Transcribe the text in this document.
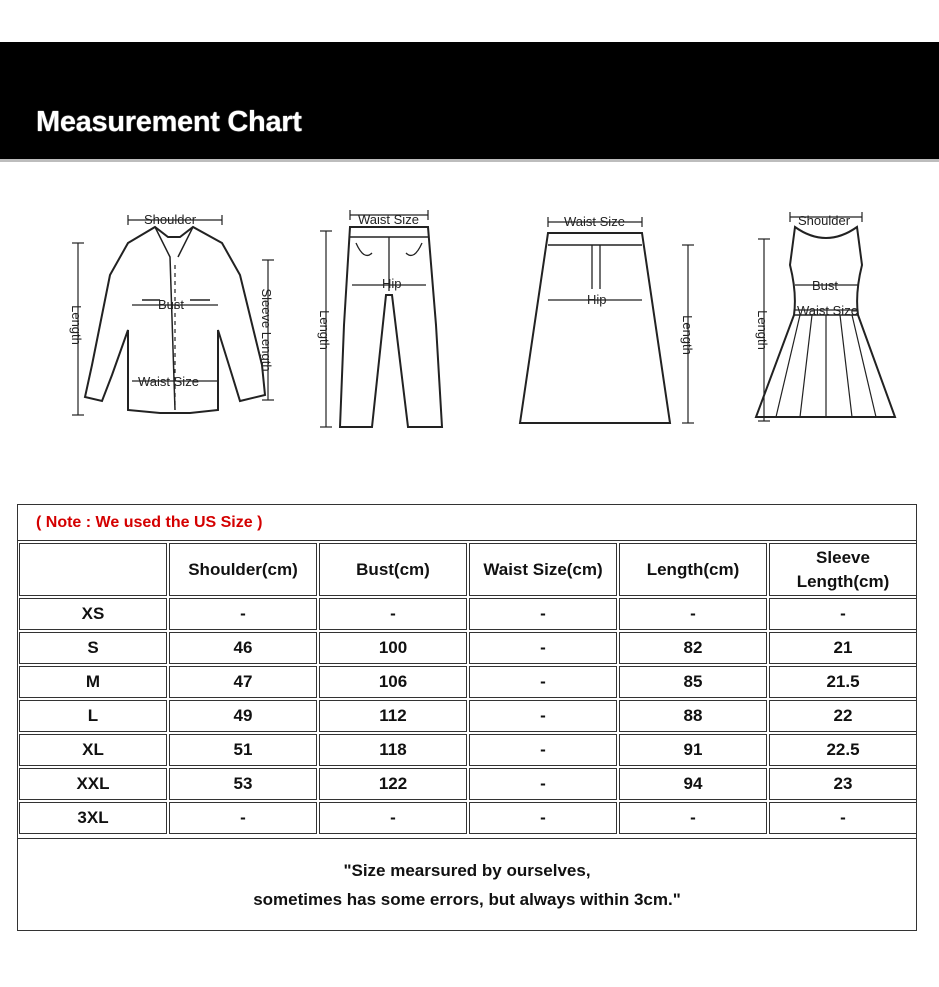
Measurement Chart
Shoulder
Bust
Waist Size
Length	Sleeve Length
Waist Size
Hip
Length
Waist Size
Hip
Length
Shoulder
Bust
Waist Size
Length
( Note : We used the US Size )
	Shoulder(cm)	Bust(cm)	Waist Size(cm)	Length(cm)	Sleeve Length(cm)
XS	-	-	-	-	-
S	46	100	-	82	21
M	47	106	-	85	21.5
L	49	112	-	88	22
XL	51	118	-	91	22.5
XXL	53	122	-	94	23
3XL	-	-	-	-	-
"Size mearsured by ourselves,
sometimes has some errors, but always within 3cm."
